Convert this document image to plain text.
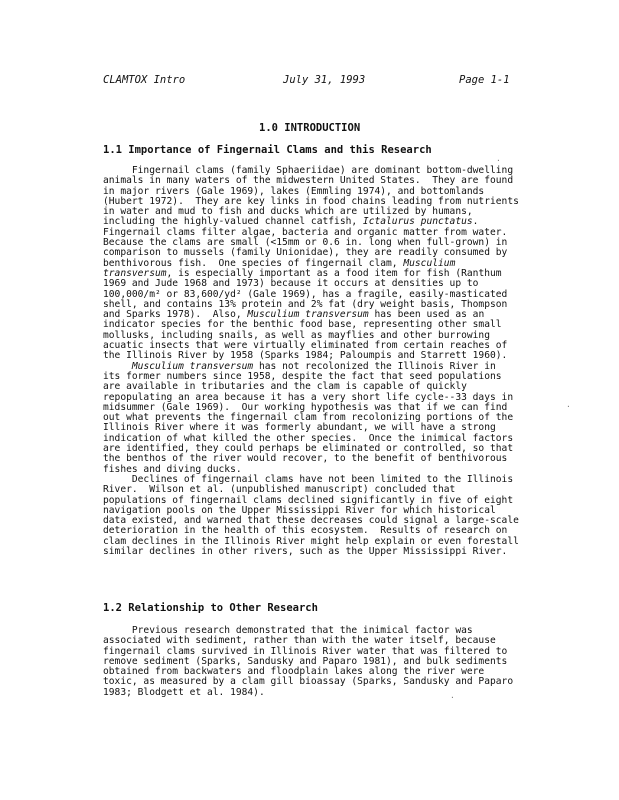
CLAMTOX Intro	July 31, 1993	Page 1-1
1.0 INTRODUCTION
1.1 Importance of Fingernail Clams and this Research
Fingernail clams (family Sphaeriidae) are dominant bottom-dwelling
animals in many waters of the midwestern United States.  They are found
in major rivers (Gale 1969), lakes (Emmling 1974), and bottomlands
(Hubert 1972).  They are key links in food chains leading from nutrients
in water and mud to fish and ducks which are utilized by humans,
including the highly-valued channel catfish, Ictalurus punctatus.
Fingernail clams filter algae, bacteria and organic matter from water.
Because the clams are small (<15mm or 0.6 in. long when full-grown) in
comparison to mussels (family Unionidae), they are readily consumed by
benthivorous fish.  One species of fingernail clam, Musculium
transversum, is especially important as a food item for fish (Ranthum
1969 and Jude 1968 and 1973) because it occurs at densities up to
100,000/m² or 83,600/yd² (Gale 1969), has a fragile, easily-masticated
shell, and contains 13% protein and 2% fat (dry weight basis, Thompson
and Sparks 1978).  Also, Musculium transversum has been used as an
indicator species for the benthic food base, representing other small
mollusks, including snails, as well as mayflies and other burrowing
acuatic insects that were virtually eliminated from certain reaches of
the Illinois River by 1958 (Sparks 1984; Paloumpis and Starrett 1960).
Musculium transversum has not recolonized the Illinois River in
its former numbers since 1958, despite the fact that seed populations
are available in tributaries and the clam is capable of quickly
repopulating an area because it has a very short life cycle--33 days in
midsummer (Gale 1969).  Our working hypothesis was that if we can find
out what prevents the fingernail clam from recolonizing portions of the
Illinois River where it was formerly abundant, we will have a strong
indication of what killed the other species.  Once the inimical factors
are identified, they could perhaps be eliminated or controlled, so that
the benthos of the river would recover, to the benefit of benthivorous
fishes and diving ducks.
Declines of fingernail clams have not been limited to the Illinois
River.  Wilson et al. (unpublished manuscript) concluded that
populations of fingernail clams declined significantly in five of eight
navigation pools on the Upper Mississippi River for which historical
data existed, and warned that these decreases could signal a large-scale
deterioration in the health of this ecosystem.  Results of research on
clam declines in the Illinois River might help explain or even forestall
similar declines in other rivers, such as the Upper Mississippi River.
1.2 Relationship to Other Research
Previous research demonstrated that the inimical factor was
associated with sediment, rather than with the water itself, because
fingernail clams survived in Illinois River water that was filtered to
remove sediment (Sparks, Sandusky and Paparo 1981), and bulk sediments
obtained from backwaters and floodplain lakes along the river were
toxic, as measured by a clam gill bioassay (Sparks, Sandusky and Paparo
1983; Blodgett et al. 1984).
·
·
·
